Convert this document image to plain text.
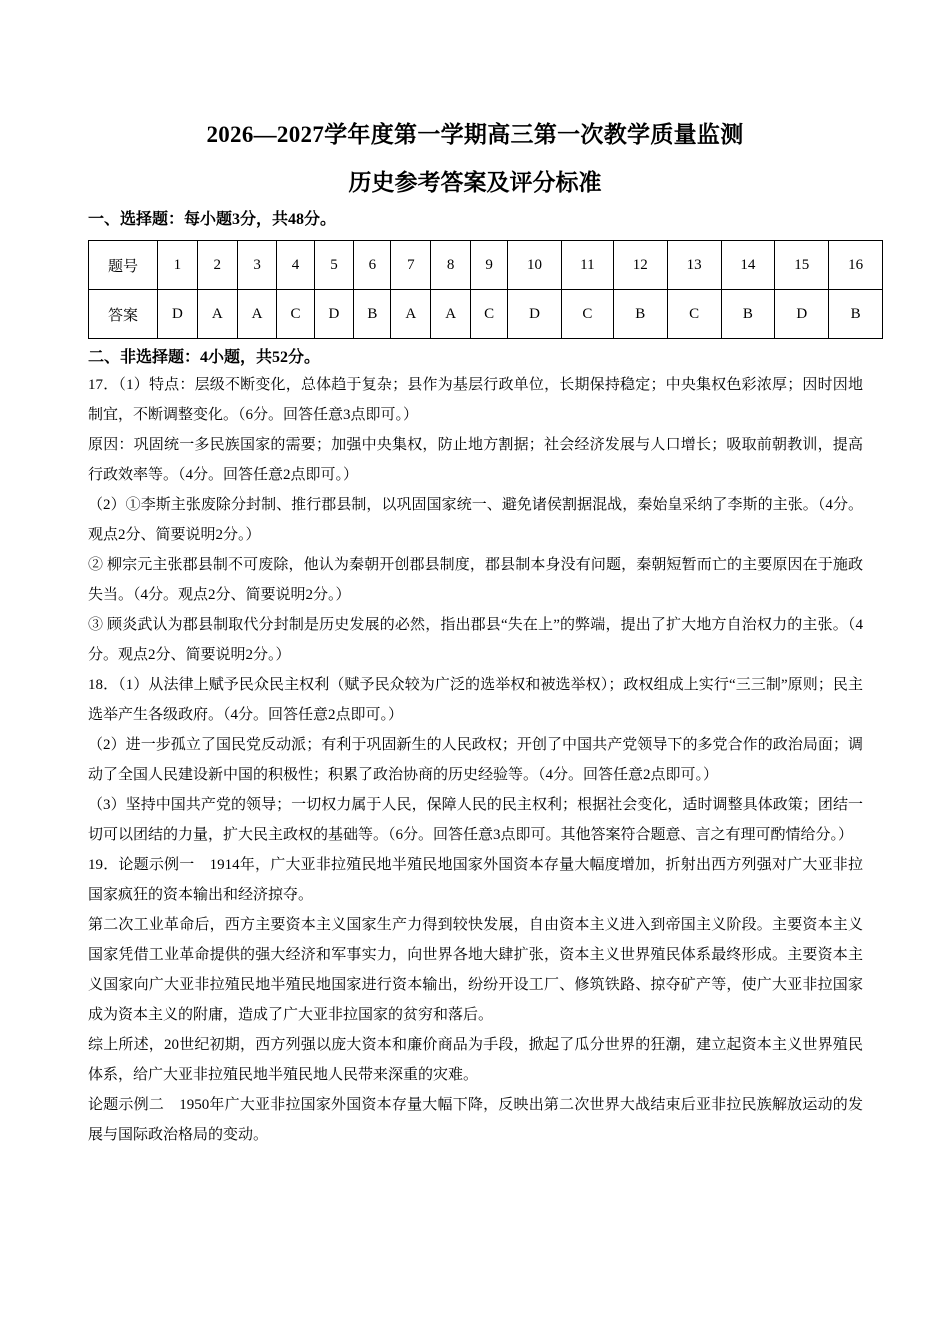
2026—2027学年度第一学期高三第一次教学质量监测
历史参考答案及评分标准
一、选择题：每小题3分，共48分。
题号	1	2	3	4	5	6	7	8	9	10	11	12	13	14	15	16
答案	D	A	A	C	D	B	A	A	C	D	C	B	C	B	D	B
二、非选择题：4小题，共52分。

17．（1）特点：层级不断变化，总体趋于复杂；县作为基层行政单位，长期保持稳定；中央集权色彩浓厚；因时因地制宜，不断调整变化。（6分。回答任意3点即可。）

原因：巩固统一多民族国家的需要；加强中央集权，防止地方割据；社会经济发展与人口增长；吸取前朝教训，提高行政效率等。（4分。回答任意2点即可。）

（2）①李斯主张废除分封制、推行郡县制，以巩固国家统一、避免诸侯割据混战，秦始皇采纳了李斯的主张。（4分。观点2分、简要说明2分。）

② 柳宗元主张郡县制不可废除，他认为秦朝开创郡县制度，郡县制本身没有问题，秦朝短暂而亡的主要原因在于施政失当。（4分。观点2分、简要说明2分。）

③ 顾炎武认为郡县制取代分封制是历史发展的必然，指出郡县“失在上”的弊端，提出了扩大地方自治权力的主张。（4分。观点2分、简要说明2分。）

18．（1）从法律上赋予民众民主权利（赋予民众较为广泛的选举权和被选举权）；政权组成上实行“三三制”原则；民主选举产生各级政府。（4分。回答任意2点即可。）

（2）进一步孤立了国民党反动派；有利于巩固新生的人民政权；开创了中国共产党领导下的多党合作的政治局面；调动了全国人民建设新中国的积极性；积累了政治协商的历史经验等。（4分。回答任意2点即可。）

（3）坚持中国共产党的领导；一切权力属于人民，保障人民的民主权利；根据社会变化，适时调整具体政策；团结一切可以团结的力量，扩大民主政权的基础等。（6分。回答任意3点即可。其他答案符合题意、言之有理可酌情给分。）

19．论题示例一　1914年，广大亚非拉殖民地半殖民地国家外国资本存量大幅度增加，折射出西方列强对广大亚非拉国家疯狂的资本输出和经济掠夺。

第二次工业革命后，西方主要资本主义国家生产力得到较快发展，自由资本主义进入到帝国主义阶段。主要资本主义国家凭借工业革命提供的强大经济和军事实力，向世界各地大肆扩张，资本主义世界殖民体系最终形成。主要资本主义国家向广大亚非拉殖民地半殖民地国家进行资本输出，纷纷开设工厂、修筑铁路、掠夺矿产等，使广大亚非拉国家成为资本主义的附庸，造成了广大亚非拉国家的贫穷和落后。

综上所述，20世纪初期，西方列强以庞大资本和廉价商品为手段，掀起了瓜分世界的狂潮，建立起资本主义世界殖民体系，给广大亚非拉殖民地半殖民地人民带来深重的灾难。

论题示例二　1950年广大亚非拉国家外国资本存量大幅下降，反映出第二次世界大战结束后亚非拉民族解放运动的发展与国际政治格局的变动。
